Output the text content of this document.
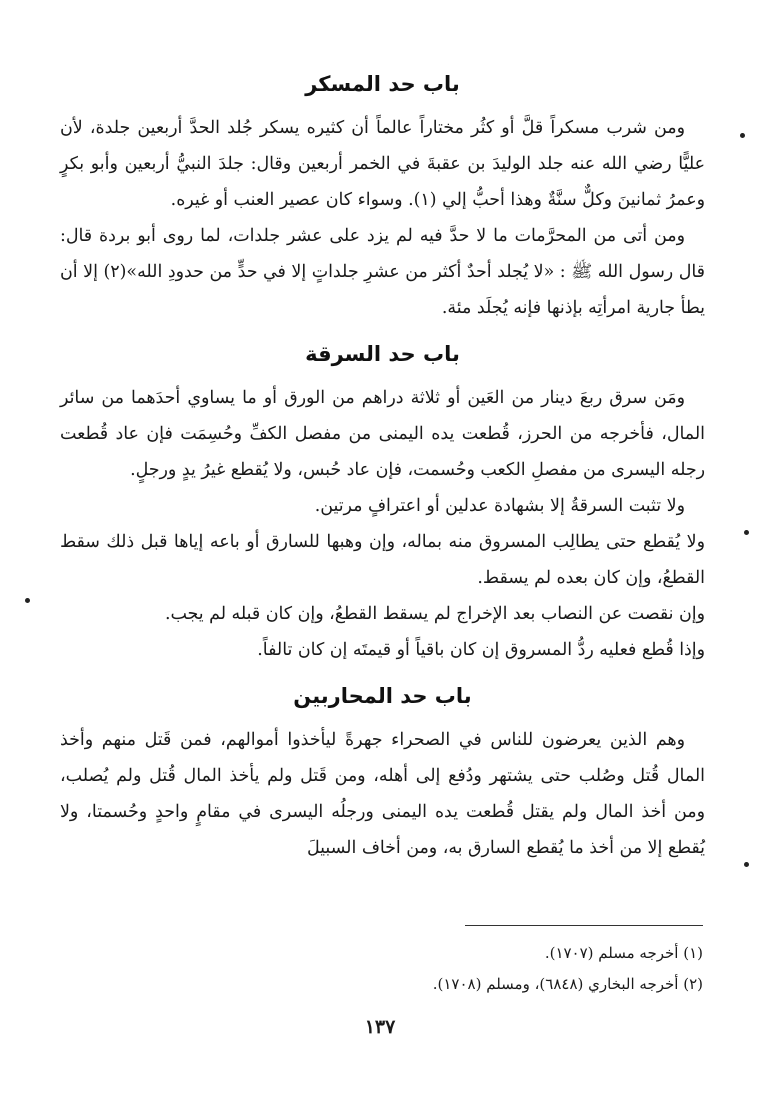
باب حد المسكر

ومن شرب مسكراً قلَّ أو كثُر مختاراً عالماً أن كثيره يسكر جُلد الحدَّ أربعين جلدة، لأن عليًّا رضي الله عنه جلد الوليدَ بن عقبةَ في الخمر أربعين وقال: جلدَ النبيُّ أربعين وأبو بكرٍ وعمرُ ثمانينَ وكلٌّ سنَّةٌ وهذا أحبُّ إلي (١). وسواء كان عصير العنب أو غيره.

ومن أتى من المحرَّمات ما لا حدَّ فيه لم يزد على عشر جلدات، لما روى أبو بردة قال: قال رسول الله ﷺ : «لا يُجلد أحدٌ أكثر من عشرِ جلداتٍ إلا في حدٍّ من حدودِ الله»(٢) إلا أن يطأ جارية امرأتِه بإذنها فإنه يُجلَد مئة.

باب حد السرقة

ومَن سرق ربعَ دينار من العَين أو ثلاثة دراهم من الورق أو ما يساوي أحدَهما من سائر المال، فأخرجه من الحرز، قُطعت يده اليمنى من مفصل الكفِّ وحُسِمَت فإن عاد قُطعت رجله اليسرى من مفصلِ الكعب وحُسمت، فإن عاد حُبس، ولا يُقطع غيرُ يدٍ ورجلٍ.

ولا تثبت السرقةُ إلا بشهادة عدلين أو اعترافٍ مرتين.

ولا يُقطع حتى يطالِب المسروق منه بماله، وإن وهبها للسارق أو باعه إياها قبل ذلك سقط القطعُ، وإن كان بعده لم يسقط.

وإن نقصت عن النصاب بعد الإخراج لم يسقط القطعُ، وإن كان قبله لم يجب.

وإذا قُطع فعليه ردُّ المسروق إن كان باقياً أو قيمتَه إن كان تالفاً.

باب حد المحاربين

وهم الذين يعرضون للناس في الصحراء جهرةً ليأخذوا أموالهم، فمن قَتل منهم وأخذ المال قُتل وصُلب حتى يشتهر ودُفع إلى أهله، ومن قَتل ولم يأخذ المال قُتل ولم يُصلب، ومن أخذ المال ولم يقتل قُطعت يده اليمنى ورجلُه اليسرى في مقامٍ واحدٍ وحُسمتا، ولا يُقطع إلا من أخذ ما يُقطع السارق به، ومن أخاف السبيلَ

(١) أخرجه مسلم (١٧٠٧).
(٢) أخرجه البخاري (٦٨٤٨)، ومسلم (١٧٠٨).
١٣٧
